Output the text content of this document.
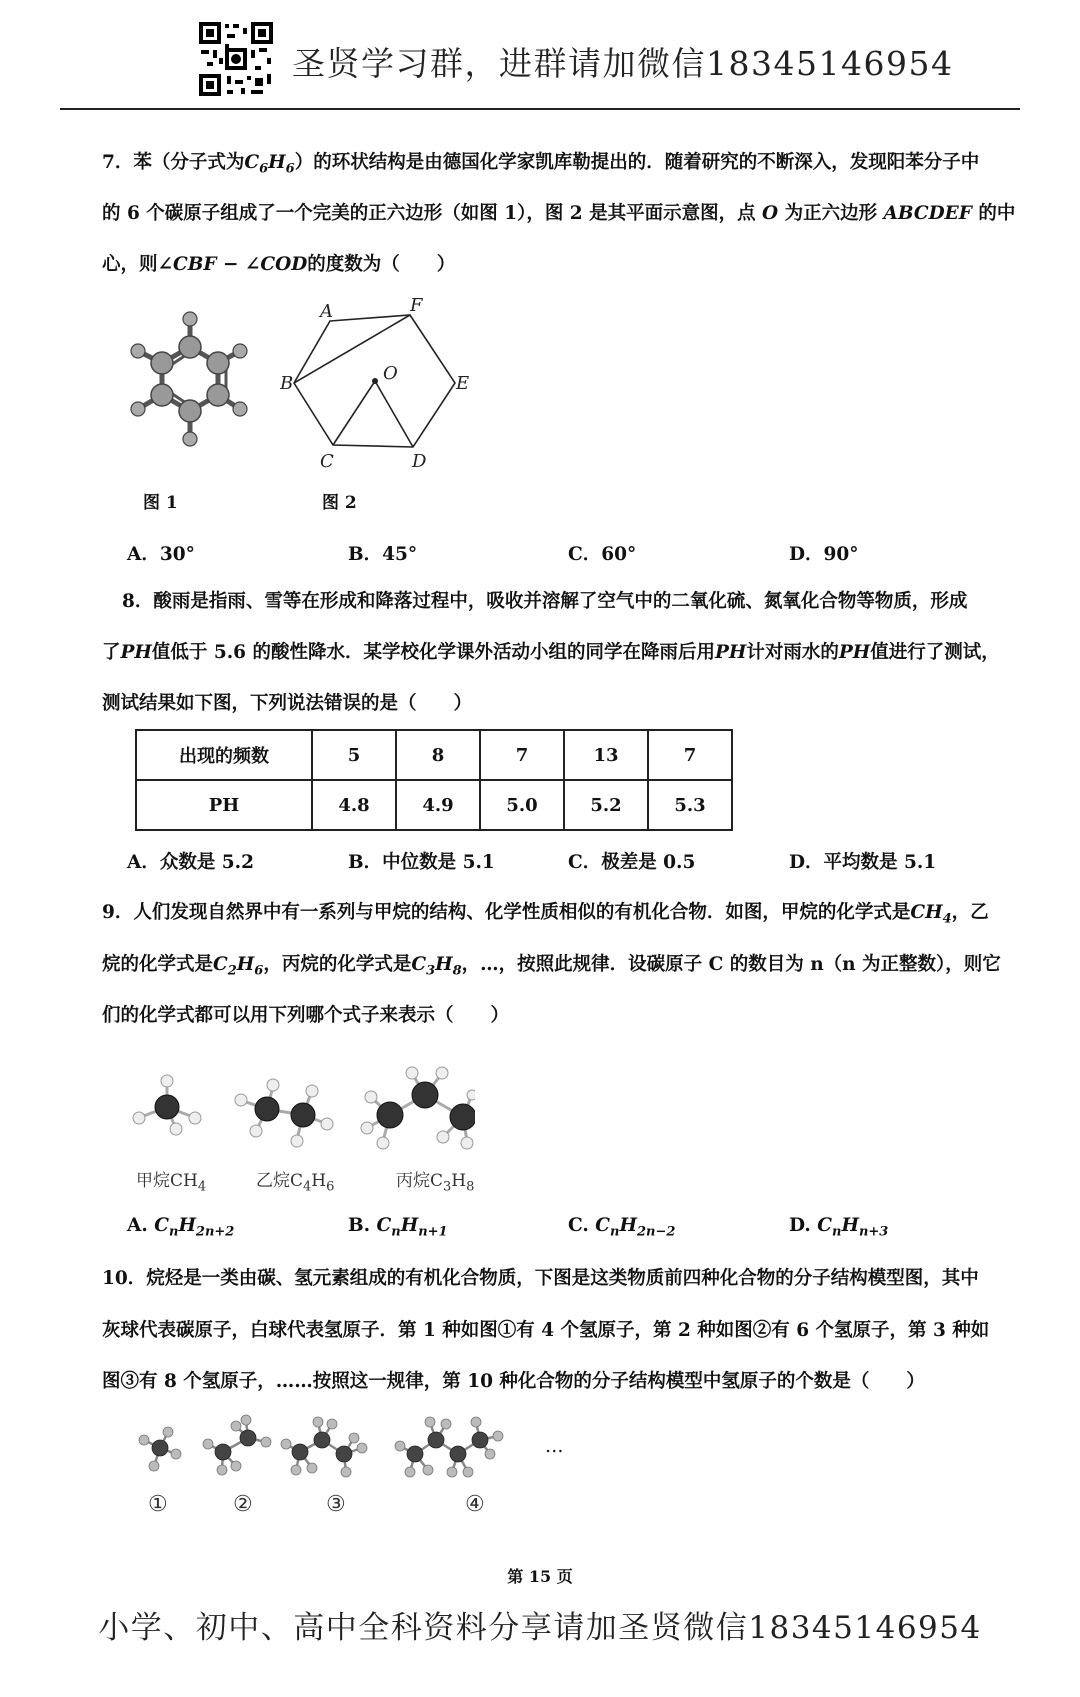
圣贤学习群，进群请加微信18345146954
7．苯（分子式为$C_6H_6$）的环状结构是由德国化学家凯库勒提出的．随着研究的不断深入，发现阳苯分子中
的 6 个碳原子组成了一个完美的正六边形（如图 1），图 2 是其平面示意图，点 O 为正六边形 ABCDEF 的中
心，则∠CBF − ∠COD的度数为（　　）
图 1
A	F
B	O	E
C	D
图 2
A．30°	B．45°	C．60°	D．90°
8．酸雨是指雨、雪等在形成和降落过程中，吸收并溶解了空气中的二氧化硫、氮氧化合物等物质，形成
了PH值低于 5.6 的酸性降水．某学校化学课外活动小组的同学在降雨后用PH计对雨水的PH值进行了测试，
测试结果如下图，下列说法错误的是（　　）
出现的频数	5	8	7	13	7
PH	4.8	4.9	5.0	5.2	5.3
A．众数是 5.2	B．中位数是 5.1	C．极差是 0.5	D．平均数是 5.1
9．人们发现自然界中有一系列与甲烷的结构、化学性质相似的有机化合物．如图，甲烷的化学式是$CH_4$，乙
烷的化学式是$C_2H_6$，丙烷的化学式是$C_3H_8$，…，按照此规律．设碳原子 C 的数目为 n（n 为正整数），则它
们的化学式都可以用下列哪个式子来表示（　　）
甲烷$CH_4$	乙烷$C_4H_6$	丙烷$C_3H_8$
A. $C_nH_{2n+2}$	B. $C_nH_{n+1}$	C. $C_nH_{2n-2}$	D. $C_nH_{n+3}$
10．烷烃是一类由碳、氢元素组成的有机化合物质，下图是这类物质前四种化合物的分子结构模型图，其中
灰球代表碳原子，白球代表氢原子．第 1 种如图①有 4 个氢原子，第 2 种如图②有 6 个氢原子，第 3 种如
图③有 8 个氢原子，……按照这一规律，第 10 种化合物的分子结构模型中氢原子的个数是（　　）
…
①	②	③	④
第 15 页
小学、初中、高中全科资料分享请加圣贤微信18345146954
